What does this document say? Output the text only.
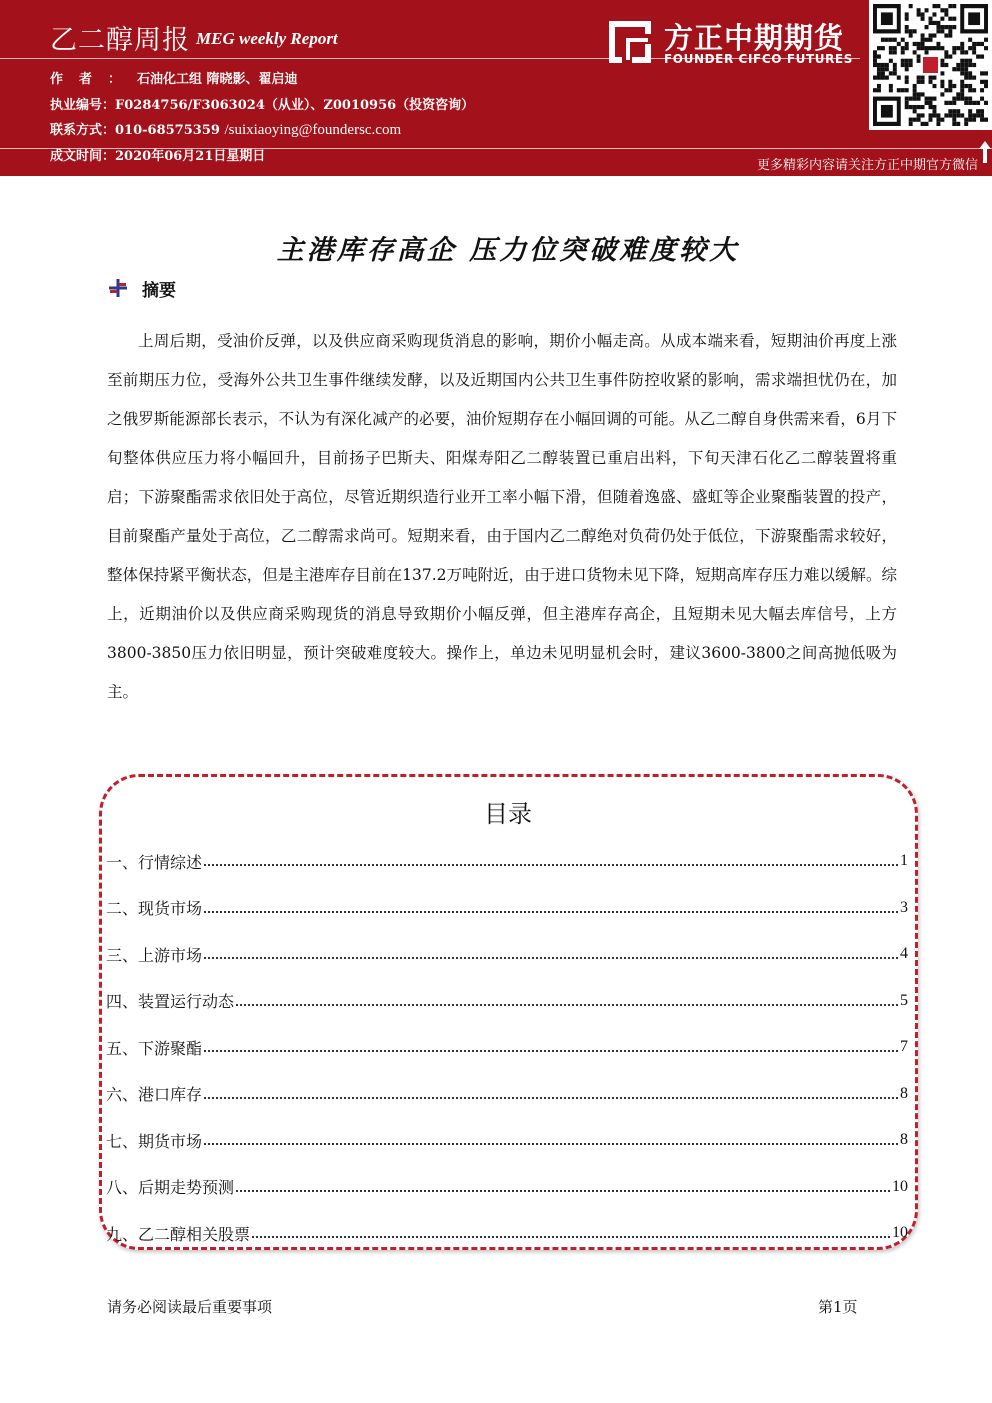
乙二醇周报 MEG weekly Report
作者：石油化工组 隋晓影、翟启迪
执业编号：F0284756/F3063024（从业）、Z0010956（投资咨询）
联系方式：010-68575359 /suixiaoying@foundersc.com
成文时间：2020年06月21日星期日
方正中期期货
FOUNDER CIFCO FUTURES
更多精彩内容请关注方正中期官方微信
主港库存高企 压力位突破难度较大
摘要

上周后期，受油价反弹，以及供应商采购现货消息的影响，期价小幅走高。从成本端来看，短期油价再度上涨至前期压力位，受海外公共卫生事件继续发酵，以及近期国内公共卫生事件防控收紧的影响，需求端担忧仍在，加之俄罗斯能源部长表示，不认为有深化减产的必要，油价短期存在小幅回调的可能。从乙二醇自身供需来看，6月下旬整体供应压力将小幅回升，目前扬子巴斯夫、阳煤寿阳乙二醇装置已重启出料，下旬天津石化乙二醇装置将重启；下游聚酯需求依旧处于高位，尽管近期织造行业开工率小幅下滑，但随着逸盛、盛虹等企业聚酯装置的投产，目前聚酯产量处于高位，乙二醇需求尚可。短期来看，由于国内乙二醇绝对负荷仍处于低位，下游聚酯需求较好，整体保持紧平衡状态，但是主港库存目前在137.2万吨附近，由于进口货物未见下降，短期高库存压力难以缓解。综上，近期油价以及供应商采购现货的消息导致期价小幅反弹，但主港库存高企，且短期未见大幅去库信号，上方3800-3850压力依旧明显，预计突破难度较大。操作上，单边未见明显机会时，建议3600-3800之间高抛低吸为主。

目录
一、行情综述	1
二、现货市场	3
三、上游市场	4
四、装置运行动态	5
五、下游聚酯	7
六、港口库存	8
七、期货市场	8
八、后期走势预测	10
九、乙二醇相关股票	10
请务必阅读最后重要事项	第1页
